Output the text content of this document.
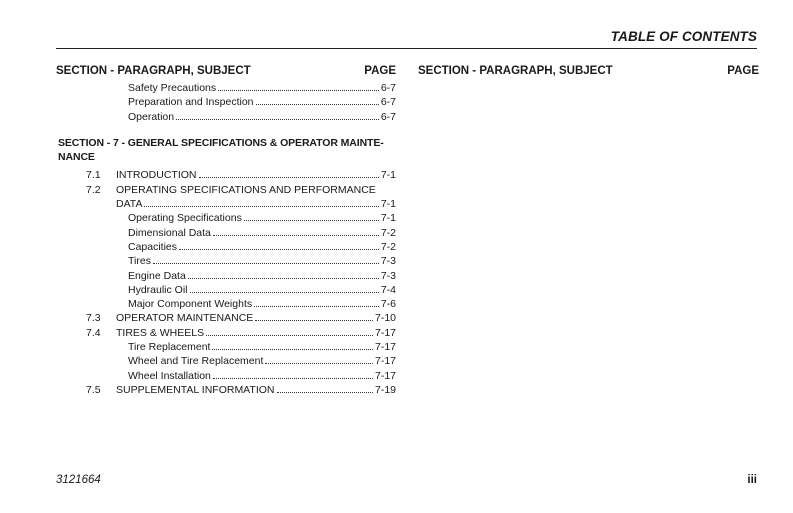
TABLE OF CONTENTS
SECTION - PARAGRAPH, SUBJECT	PAGE
Safety Precautions	6-7
Preparation and Inspection	6-7
Operation	6-7
SECTION - 7 - GENERAL SPECIFICATIONS & OPERATOR MAINTE-
NANCE
7.1 INTRODUCTION	7-1
7.2 OPERATING SPECIFICATIONS AND PERFORMANCE
DATA	7-1
Operating Specifications	7-1
Dimensional Data	7-2
Capacities	7-2
Tires	7-3
Engine Data	7-3
Hydraulic Oil	7-4
Major Component Weights	7-6
7.3 OPERATOR MAINTENANCE	7-10
7.4 TIRES & WHEELS	7-17
Tire Replacement	7-17
Wheel and Tire Replacement	7-17
Wheel Installation	7-17
7.5 SUPPLEMENTAL INFORMATION	7-19
SECTION - PARAGRAPH, SUBJECT	PAGE
3121664	iii
